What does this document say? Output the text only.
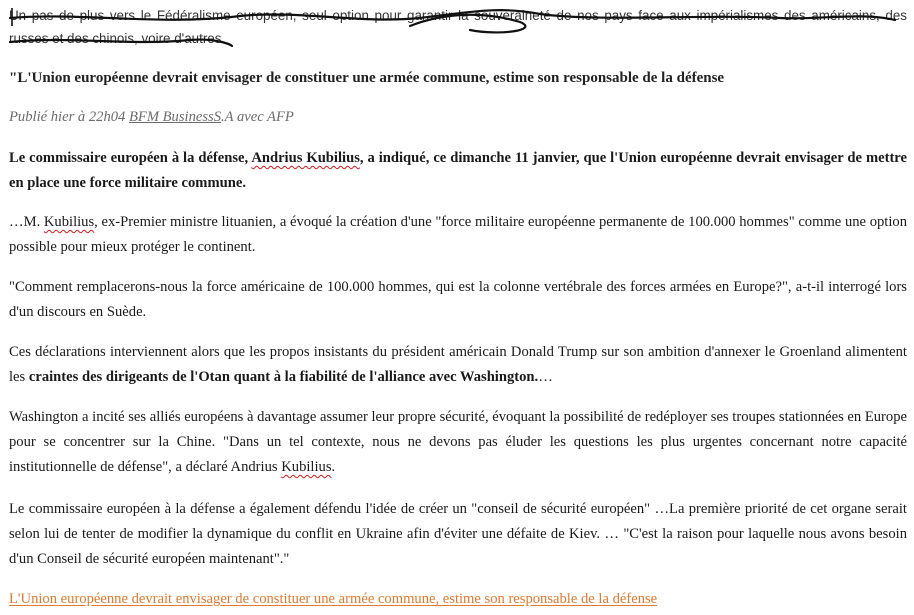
Un pas de plus vers le Fédéralisme européen, seul option pour garantir la souveraineté de nos pays face aux impérialismes des américains, des russes et des chinois, voire d'autres.

"L'Union européenne devrait envisager de constituer une armée commune, estime son responsable de la défense

Publié hier à 22h04 BFM BusinessS.A avec AFP

Le commissaire européen à la défense, Andrius Kubilius, a indiqué, ce dimanche 11 janvier, que l'Union européenne devrait envisager de mettre en place une force militaire commune.

…M. Kubilius, ex-Premier ministre lituanien, a évoqué la création d'une "force militaire européenne permanente de 100.000 hommes" comme une option possible pour mieux protéger le continent.

"Comment remplacerons-nous la force américaine de 100.000 hommes, qui est la colonne vertébrale des forces armées en Europe?", a-t-il interrogé lors d'un discours en Suède.

Ces déclarations interviennent alors que les propos insistants du président américain Donald Trump sur son ambition d'annexer le Groenland alimentent les craintes des dirigeants de l'Otan quant à la fiabilité de l'alliance avec Washington.…

Washington a incité ses alliés européens à davantage assumer leur propre sécurité, évoquant la possibilité de redéployer ses troupes stationnées en Europe pour se concentrer sur la Chine. "Dans un tel contexte, nous ne devons pas éluder les questions les plus urgentes concernant notre capacité institutionnelle de défense", a déclaré Andrius Kubilius.

Le commissaire européen à la défense a également défendu l'idée de créer un "conseil de sécurité européen" …La première priorité de cet organe serait selon lui de tenter de modifier la dynamique du conflit en Ukraine afin d'éviter une défaite de Kiev. … "C'est la raison pour laquelle nous avons besoin d'un Conseil de sécurité européen maintenant"."

L'Union européenne devrait envisager de constituer une armée commune, estime son responsable de la défense
